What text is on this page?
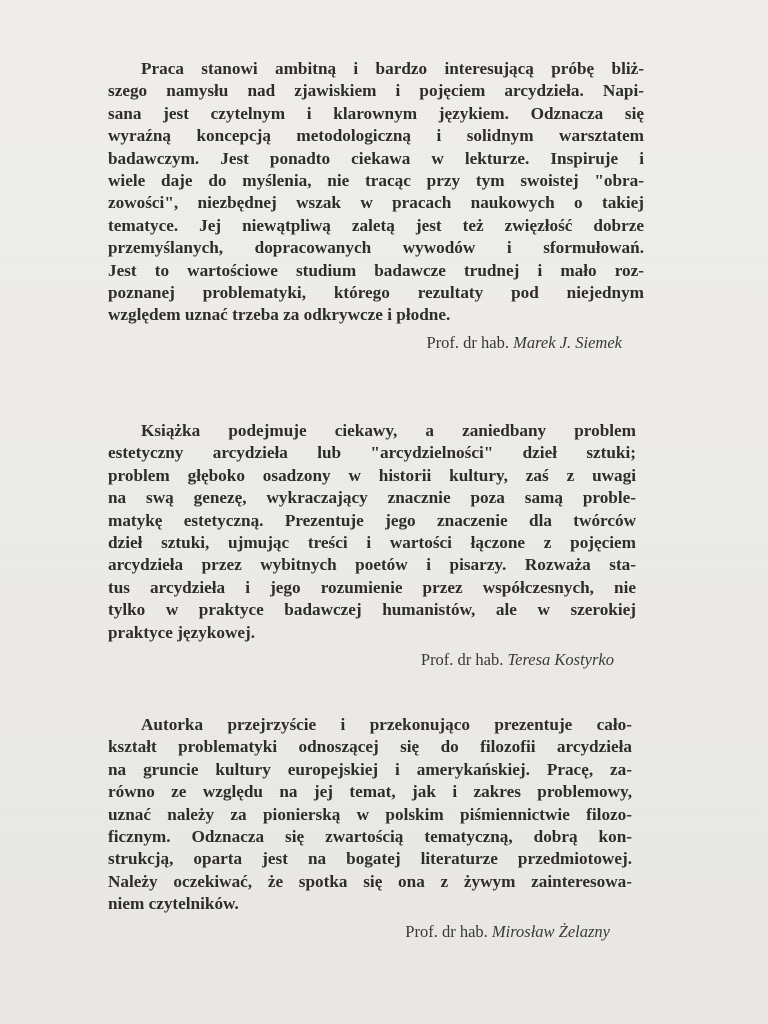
Praca stanowi ambitną i bardzo interesującą próbę bliż-
szego namysłu nad zjawiskiem i pojęciem arcydzieła. Napi-
sana jest czytelnym i klarownym językiem. Odznacza się
wyraźną koncepcją metodologiczną i solidnym warsztatem
badawczym. Jest ponadto ciekawa w lekturze. Inspiruje i
wiele daje do myślenia, nie tracąc przy tym swoistej "obra-
zowości", niezbędnej wszak w pracach naukowych o takiej
tematyce. Jej niewątpliwą zaletą jest też zwięzłość dobrze
przemyślanych, dopracowanych wywodów i sformułowań.
Jest to wartościowe studium badawcze trudnej i mało roz-
poznanej problematyki, którego rezultaty pod niejednym
względem uznać trzeba za odkrywcze i płodne.

Prof. dr hab. Marek J. Siemek

Książka podejmuje ciekawy, a zaniedbany problem
estetyczny arcydzieła lub "arcydzielności" dzieł sztuki;
problem głęboko osadzony w historii kultury, zaś z uwagi
na swą genezę, wykraczający znacznie poza samą proble-
matykę estetyczną. Prezentuje jego znaczenie dla twórców
dzieł sztuki, ujmując treści i wartości łączone z pojęciem
arcydzieła przez wybitnych poetów i pisarzy. Rozważa sta-
tus arcydzieła i jego rozumienie przez współczesnych, nie
tylko w praktyce badawczej humanistów, ale w szerokiej
praktyce językowej.

Prof. dr hab. Teresa Kostyrko

Autorka przejrzyście i przekonująco prezentuje cało-
kształt problematyki odnoszącej się do filozofii arcydzieła
na gruncie kultury europejskiej i amerykańskiej. Pracę, za-
równo ze względu na jej temat, jak i zakres problemowy,
uznać należy za pionierską w polskim piśmiennictwie filozo-
ficznym. Odznacza się zwartością tematyczną, dobrą kon-
strukcją, oparta jest na bogatej literaturze przedmiotowej.
Należy oczekiwać, że spotka się ona z żywym zainteresowa-
niem czytelników.

Prof. dr hab. Mirosław Żelazny
